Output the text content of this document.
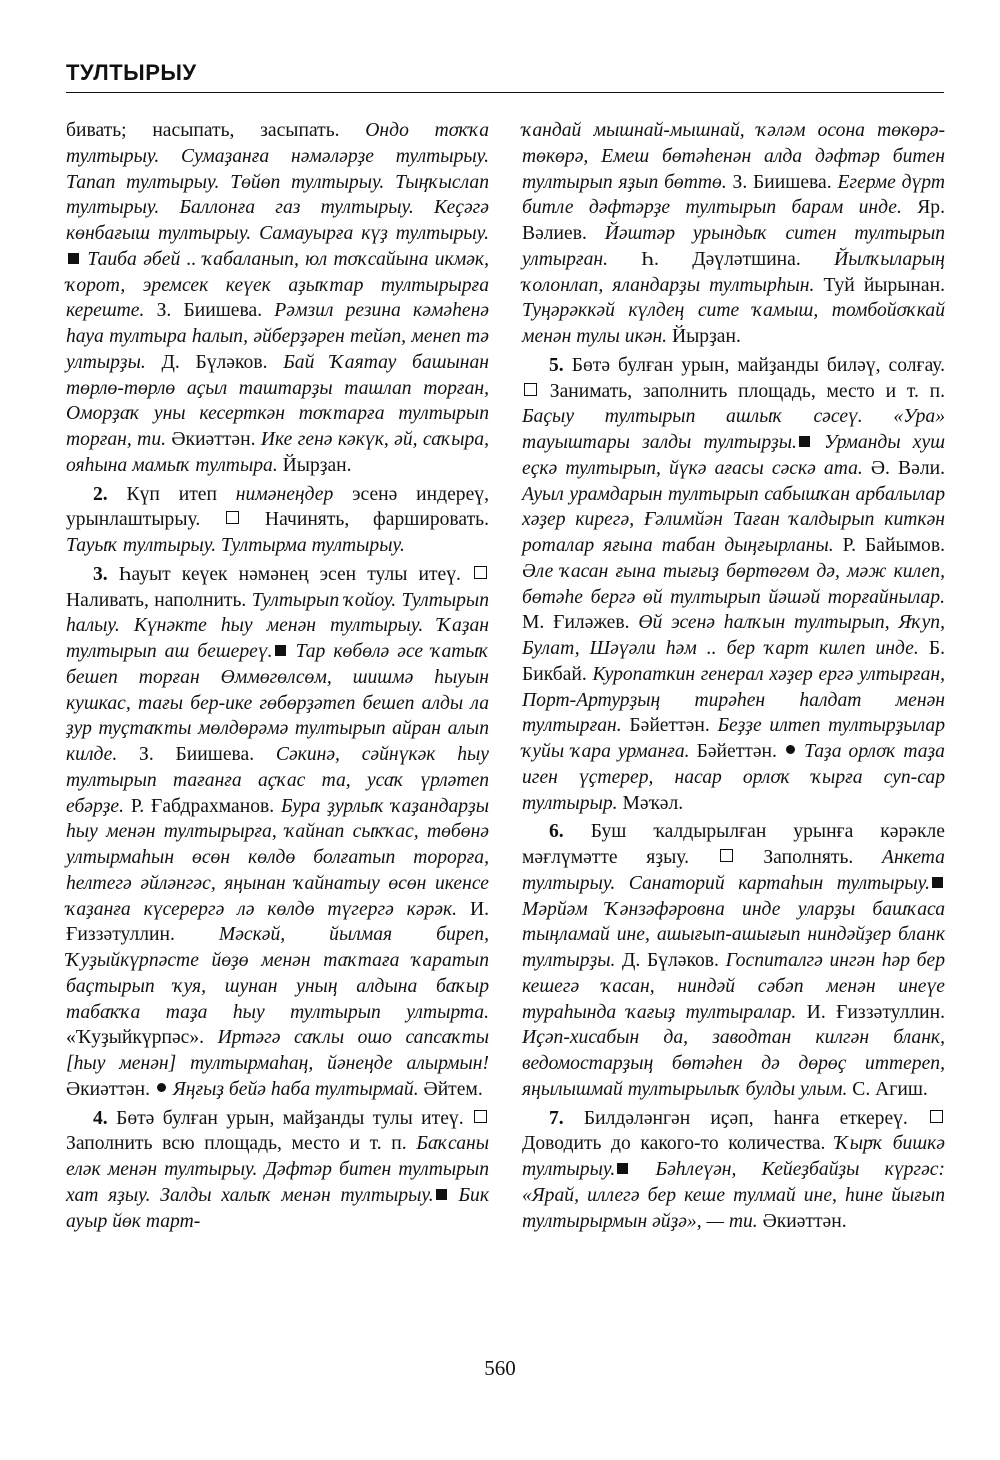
ТУЛТЫРЫУ

бивать; насыпать, засыпать. Ондо тоҡҡа тултырыу. Сумаҙанға нәмәләрҙе тултырыу. Тапап тултырыу. Төйөп тултырыу. Тыңҡыслап тултырыу. Баллонға газ тултырыу. Кеҫәгә көнбағыш тултырыу. Самауырға күҙ тултырыу. Таиба әбей .. ҡабаланып, юл тоҡсайына икмәк, ҡорот, эремсек кеүек аҙыҡтар тултырырға кереште. З. Биишева. Рәмзил резина кәмәһенә һауа тултыра һалып, әйберҙәрен тейәп, менеп тә ултырҙы. Д. Бүләков. Бай Ҡаятау башынан төрлө-төрлө аҫыл таштарҙы ташлап торған, Оморҙаҡ уны кесерткән тоҡтарға тултырып торған, ти. Әкиәттән. Ике генә кәкүк, әй, саҡыра, ояһына мамыҡ тултыра. Йырҙан.

2. Күп итеп нимәнеңдер эсенә индереү, урынлаштырыу.  Начинять, фаршировать. Тауыҡ тултырыу. Тултырма тултырыу.

3. Һауыт кеүек нәмәнең эсен тулы итеү.  Наливать, наполнить. Тултырып ҡойоу. Тултырып һалыу. Күнәкте һыу менән тултырыу. Ҡаҙан тултырып аш бешереү. Тар көбөлә әсе ҡатыҡ бешеп торған Өммөгөлсөм, шишмә һыуын кушкас, тағы бер-ике гөбөрҙәтеп бешеп алды ла ҙур туҫтаҡты мөлдөрәмә тултырып айран алып килде. З. Биишева. Сәкинә, сәйнүкәк һыу тултырып тағанға аҫҡас та, усаҡ үрләтеп ебәрҙе. Р. Ғабдрахманов. Бура ҙурлыҡ ҡаҙандарҙы һыу менән тултырырға, ҡайнап сыҡҡас, төбөнә ултырмаһын өсөн көлдө болғатып торорға, һелтегә әйләнгәс, яңынан ҡайнатыу өсөн икенсе ҡаҙанға күсерергә лә көлдө түгергә кәрәк. И. Ғиззәтуллин. Мәскәй, йылмая биреп, Ҡуҙыйкүрпәсте йөҙө менән таҡтаға ҡаратып баҫтырып ҡуя, шунан уның алдына баҡыр табаҡҡа таҙа һыу тултырып ултырта. «Ҡуҙыйкүрпәс». Иртәгә саҡлы ошо сапсаҡты [һыу менән] тултырмаһаң, йәнеңде алырмын! Әкиәттән.  Яңғыҙ бейә һаба тултырмай. Әйтем.

4. Бөтә булған урын, майҙанды тулы итеү.  Заполнить всю площадь, место и т. п. Баҡсаны еләк менән тултырыу. Дәфтәр битен тултырып хат яҙыу. Залды халыҡ менән тултырыу. Бик ауыр йөк тарт-

ҡандай мышнай-мышнай, ҡәләм осона төкөрә-төкөрә, Емеш бөтәһенән алда дәфтәр битен тултырып яҙып бөттө. З. Биишева. Егерме дүрт битле дәфтәрҙе тултырып барам инде. Яр. Вәлиев. Йәштәр урындыҡ ситен тултырып ултырған. Һ. Дәүләтшина. Йылҡыларың ҡолонлап, яландарҙы тултырһын. Туй йырынан. Туңәрәккәй күлдең сите ҡамыш, томбойоҡкай менән тулы икән. Йырҙан.

5. Бөтә булған урын, майҙанды биләү, солғау.  Занимать, заполнить площадь, место и т. п. Баҫыу тултырып ашлыҡ сәсеү. «Ура» тауыштары залды тултырҙы. Урманды хуш еҫкә тултырып, йүкә ағасы сәскә ата. Ә. Вәли. Ауыл урамдарын тултырып сабышҡан арбалылар хәҙер кирегә, Ғәлимйән Таған ҡалдырып киткән роталар яғына табан дыңғырланы. Р. Байымов. Әле ҡасан ғына тығыҙ бөртөгөм дә, мәж килеп, бөтәһе бергә өй тултырып йәшәй торғайнылар. М. Ғиләжев. Өй эсенә һалҡын тултырып, Яҡуп, Булат, Шәүәли һәм .. бер ҡарт килеп инде. Б. Бикбай. Куропаткин генерал хәҙер ергә ултырған, Порт-Артурҙың тирәһен һалдат менән тултырған. Бәйеттән. Беҙҙе илтеп тултырҙылар ҡуйы ҡара урманға. Бәйеттән.  Таҙа орлоҡ таҙа иген үҫтерер, насар орлоҡ ҡырға суп-сар тултырыр. Мәҡәл.

6. Буш ҡалдырылған урынға кәрәкле мәғлүмәтте яҙыу.  Заполнять. Анкета тултырыу. Санаторий картаһын тултырыу. Мәрйәм Ҡәнзәфәровна инде уларҙы башҡаса тыңламай ине, ашығып-ашығып ниндәйҙер бланк тултырҙы. Д. Бүләков. Госпиталгә ингән һәр бер кешегә ҡасан, ниндәй сәбәп менән инеүе тураһында ҡағыҙ тултыралар. И. Ғиззәтуллин. Иҫәп-хисабын да, заводтан килгән бланк, ведомостарҙың бөтәһен дә дөрөҫ иттереп, яңылышмай тултырылыҡ булды улым. С. Агиш.

7. Билдәләнгән иҫәп, һанға еткереү.  Доводить до какого-то количества. Ҡырҡ бишкә тултырыу. Бәһлеүән, Кейеҙбайҙы күргәс: «Ярай, иллегә бер кеше тулмай ине, һине йығып тултырырмын әйҙә», — ти. Әкиәттән.

560
